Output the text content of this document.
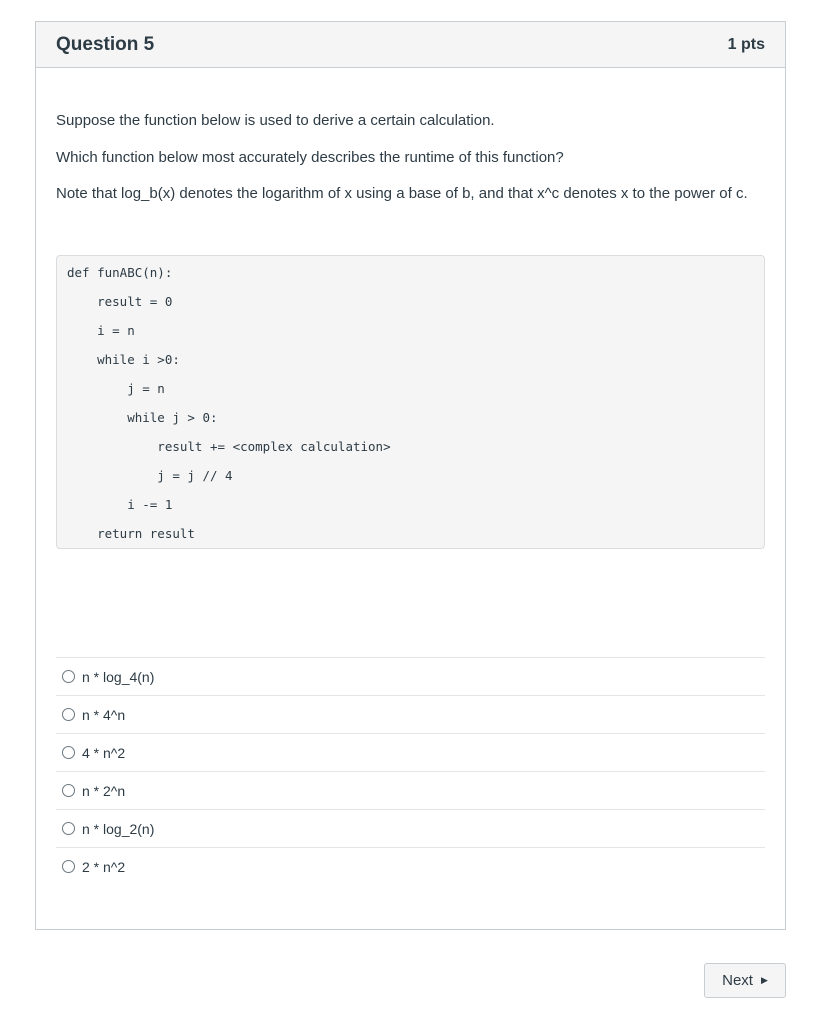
Question 5	1 pts

Suppose the function below is used to derive a certain calculation.

Which function below most accurately describes the runtime of this function?

Note that log_b(x) denotes the logarithm of x using a base of b, and that x^c denotes x to the power of c.

def funABC(n):
result = 0
i = n
while i >0:
j = n
while j > 0:
result += <complex calculation>
j = j // 4
i -= 1
return result
n * log_4(n)
n * 4^n
4 * n^2
n * 2^n
n * log_2(n)
2 * n^2
Next ▶
